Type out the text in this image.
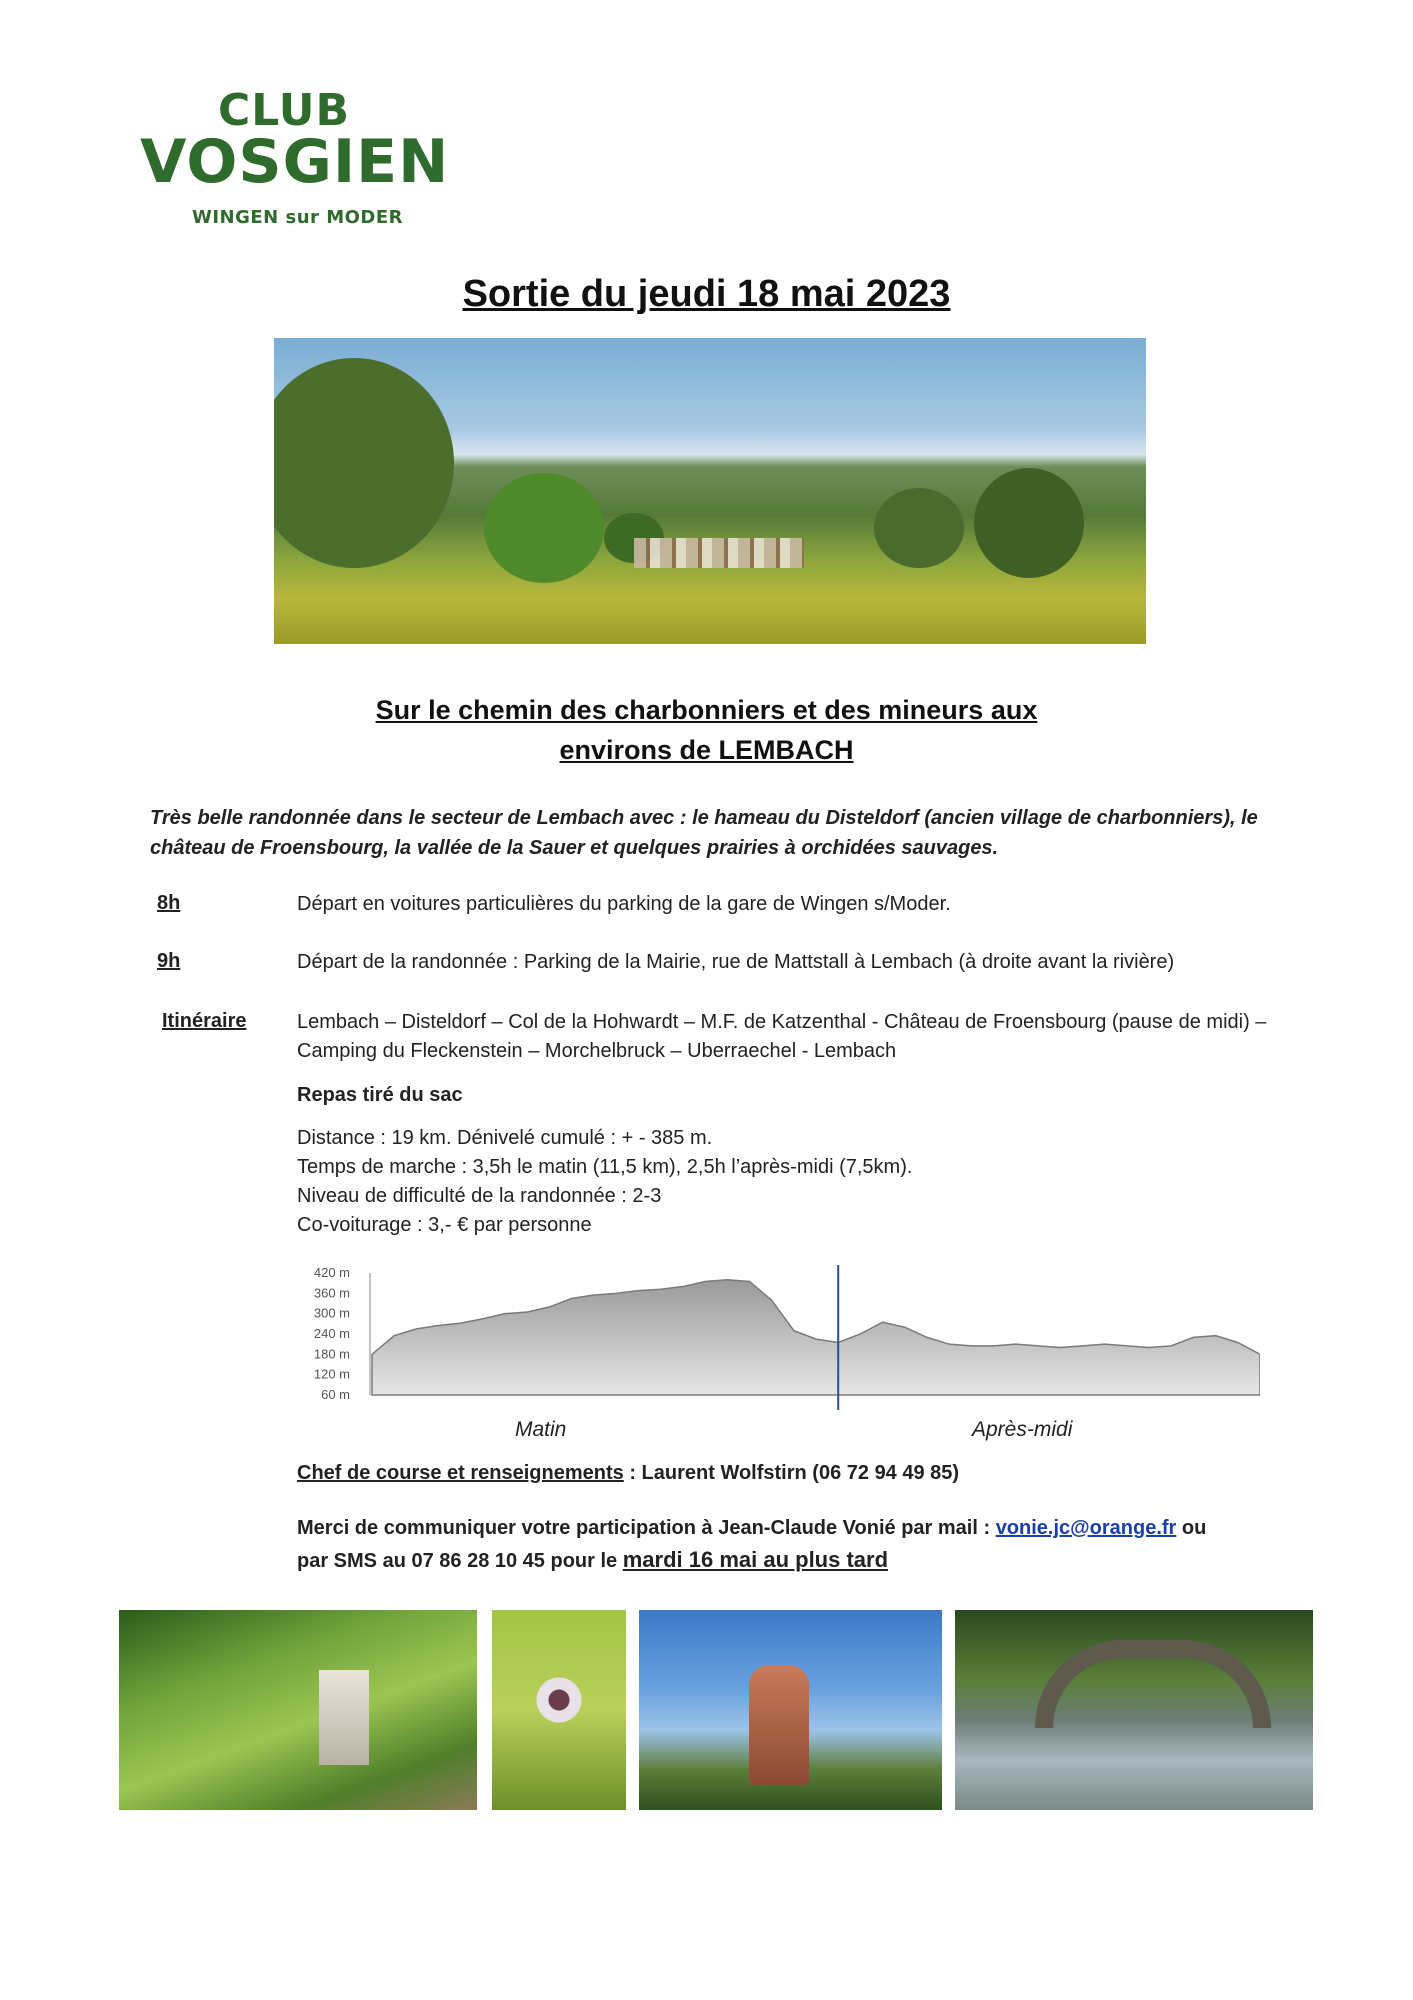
CLUB
VOSGIEN
WINGEN sur MODER
Sortie du jeudi 18 mai 2023
Sur le chemin des charbonniers et des mineurs aux
environs de LEMBACH
Très belle randonnée dans le secteur de Lembach avec : le hameau du Disteldorf (ancien village de charbonniers), le château de Froensbourg, la vallée de la Sauer et quelques prairies à orchidées sauvages.
8h	Départ en voitures particulières du parking de la gare de Wingen s/Moder.
9h	Départ de la randonnée : Parking de la Mairie, rue de Mattstall à Lembach (à droite avant la rivière)
Itinéraire	Lembach – Disteldorf – Col de la Hohwardt – M.F. de Katzenthal - Château de Froensbourg (pause de midi) – Camping du Fleckenstein – Morchelbruck – Uberraechel - Lembach
Repas tiré du sac
Distance : 19 km. Dénivelé cumulé : + - 385 m.
Temps de marche : 3,5h le matin (11,5 km), 2,5h l’après-midi (7,5km).
Niveau de difficulté de la randonnée : 2-3
Co-voiturage : 3,- € par personne
420 m
360 m
300 m
240 m
180 m
120 m
60 m
Matin	Après-midi
Chef de course et renseignements : Laurent Wolfstirn (06 72 94 49 85)
Merci de communiquer votre participation à Jean-Claude Vonié par mail : vonie.jc@orange.fr ou
par SMS au 07 86 28 10 45 pour le mardi 16 mai au plus tard
